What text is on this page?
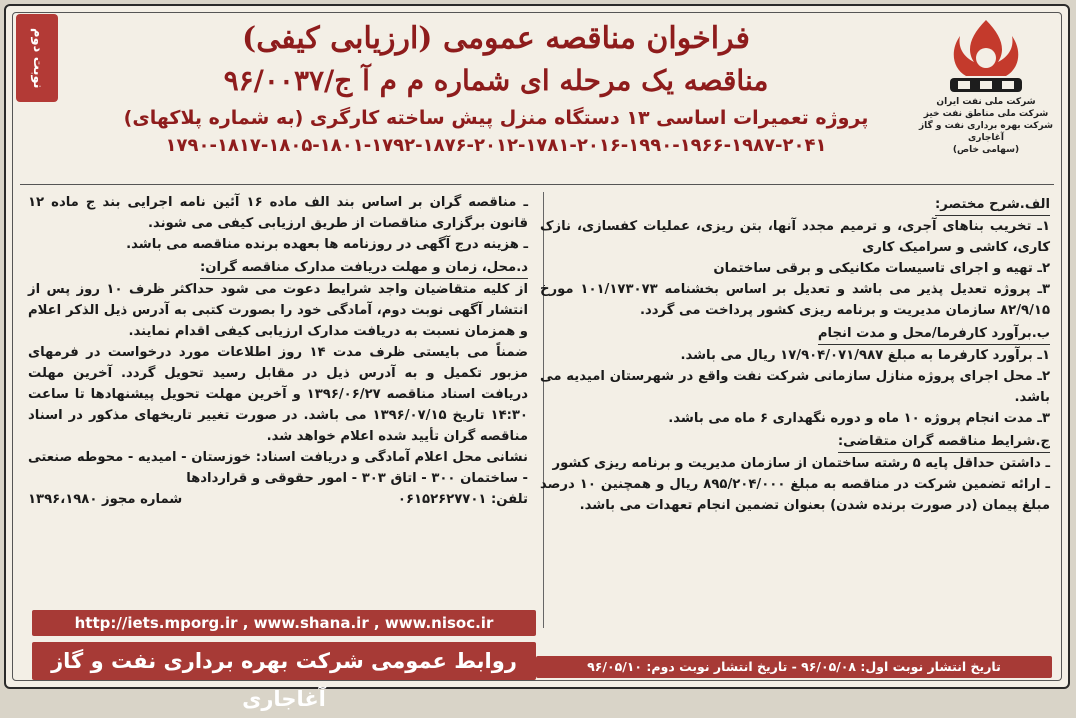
نوبت دوم
شرکت ملی نفت ایران
شرکت ملی مناطق نفت خیز
شرکت بهره برداری نفت و گاز آغاجاری
(سهامی خاص)
فراخوان مناقصه عمومی (ارزیابی کیفی)
مناقصه یک مرحله ای شماره م م آ ج/۹۶/۰۰۳۷
پروژه تعمیرات اساسی ۱۳ دستگاه منزل پیش ساخته کارگری (به شماره پلاکهای)
۱۷۹۰-۱۸۱۷-۱۸۰۵-۱۸۰۱-۱۷۹۲-۱۸۷۶-۲۰۱۲-۱۷۸۱-۲۰۱۶-۱۹۹۰-۱۹۶۶-۱۹۸۷-۲۰۴۱
الف.شرح مختصر:

۱ـ تخریب بناهای آجری، و ترمیم مجدد آنها، بتن ریزی، عملیات کفسازی، نازک کاری، کاشی و سرامیک کاری

۲ـ تهیه و اجرای تاسیسات مکانیکی و برقی ساختمان

۳ـ پروژه تعدیل پذیر می باشد و تعدیل بر اساس بخشنامه ۱۰۱/۱۷۳۰۷۳ مورخ ۸۲/۹/۱۵ سازمان مدیریت و برنامه ریزی کشور پرداخت می گردد.

ب.برآورد کارفرما/محل و مدت انجام

۱ـ برآورد کارفرما به مبلغ ۱۷/۹۰۴/۰۷۱/۹۸۷ ریال می باشد.

۲ـ محل اجرای پروژه منازل سازمانی شرکت نفت واقع در شهرستان امیدیه می باشد.

۳ـ مدت انجام پروژه ۱۰ ماه و دوره نگهداری ۶ ماه می باشد.

ج.شرایط مناقصه گران متقاضی:

ـ داشتن حداقل پایه ۵ رشته ساختمان از سازمان مدیریت و برنامه ریزی کشور

ـ ارائه تضمین شرکت در مناقصه به مبلغ ۸۹۵/۲۰۴/۰۰۰ ریال و همچنین ۱۰ درصد مبلغ پیمان (در صورت برنده شدن) بعنوان تضمین انجام تعهدات می باشد.

ـ مناقصه گران بر اساس بند الف ماده ۱۶ آئین نامه اجرایی بند ج ماده ۱۲ قانون برگزاری مناقصات از طریق ارزیابی کیفی می شوند.

ـ هزینه درج آگهی در روزنامه ها بعهده برنده مناقصه می باشد.

د.محل، زمان و مهلت دریافت مدارک مناقصه گران:

از کلیه متقاضیان واجد شرایط دعوت می شود حداکثر ظرف ۱۰ روز پس از انتشار آگهی نوبت دوم، آمادگی خود را بصورت کتبی به آدرس ذیل الذکر اعلام و همزمان نسبت به دریافت مدارک ارزیابی کیفی اقدام نمایند.

ضمناً می بایستی ظرف مدت ۱۴ روز اطلاعات مورد درخواست در فرمهای مزبور تکمیل و به آدرس ذیل در مقابل رسید تحویل گردد. آخرین مهلت دریافت اسناد مناقصه ۱۳۹۶/۰۶/۲۷ و آخرین مهلت تحویل پیشنهادها تا ساعت ۱۴:۳۰ تاریخ ۱۳۹۶/۰۷/۱۵ می باشد. در صورت تغییر تاریخهای مذکور در اسناد مناقصه گران تأیید شده اعلام خواهد شد.

نشانی محل اعلام آمادگی و دریافت اسناد: خوزستان - امیدیه - محوطه صنعتی - ساختمان ۳۰۰ - اتاق ۳۰۳ - امور حقوقی و قراردادها

تلفن: ۰۶۱۵۲۶۲۷۷۰۱
شماره مجوز ۱۳۹۶،۱۹۸۰
http://iets.mporg.ir , www.shana.ir , www.nisoc.ir
روابط عمومی شرکت بهره برداری نفت و گاز آغاجاری
تاریخ انتشار نوبت اول: ۹۶/۰۵/۰۸ - تاریخ انتشار نوبت دوم: ۹۶/۰۵/۱۰
